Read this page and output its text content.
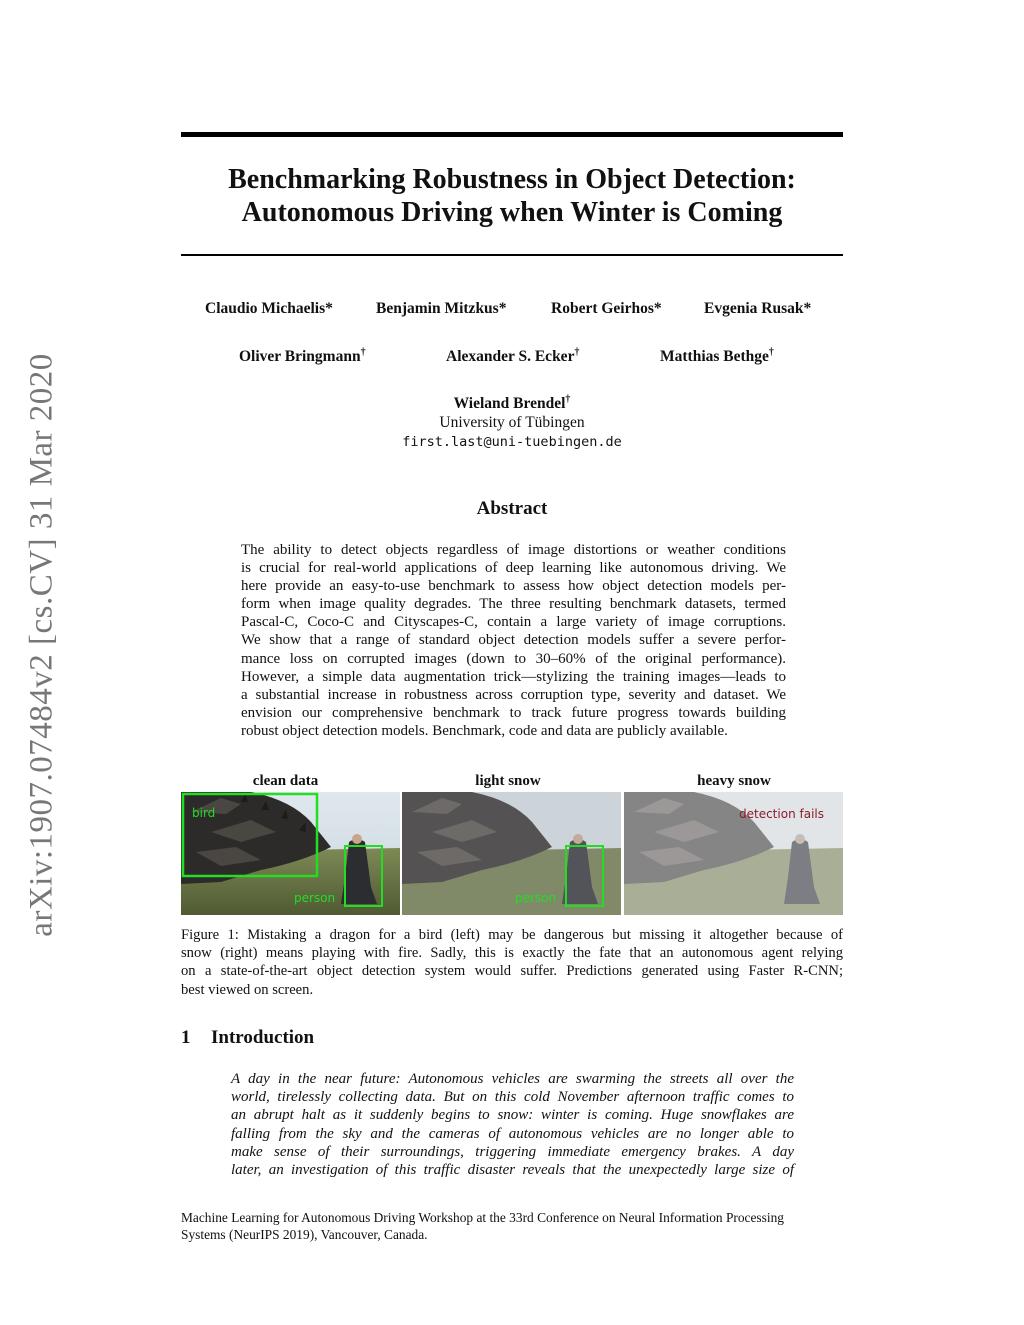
arXiv:1907.07484v2 [cs.CV] 31 Mar 2020
Benchmarking Robustness in Object Detection:
Autonomous Driving when Winter is Coming
Claudio Michaelis*	Benjamin Mitzkus*	Robert Geirhos*	Evgenia Rusak*
Oliver Bringmann†	Alexander S. Ecker†	Matthias Bethge†
Wieland Brendel†
University of Tübingen
first.last@uni-tuebingen.de
Abstract
The ability to detect objects regardless of image distortions or weather conditions
is crucial for real-world applications of deep learning like autonomous driving. We
here provide an easy-to-use benchmark to assess how object detection models per-
form when image quality degrades. The three resulting benchmark datasets, termed
Pascal-C, Coco-C and Cityscapes-C, contain a large variety of image corruptions.
We show that a range of standard object detection models suffer a severe perfor-
mance loss on corrupted images (down to 30–60% of the original performance).
However, a simple data augmentation trick—stylizing the training images—leads to
a substantial increase in robustness across corruption type, severity and dataset. We
envision our comprehensive benchmark to track future progress towards building
robust object detection models. Benchmark, code and data are publicly available.
clean data	light snow	heavy snow
bird
person	person
detection fails
Figure 1: Mistaking a dragon for a bird (left) may be dangerous but missing it altogether because of
snow (right) means playing with fire. Sadly, this is exactly the fate that an autonomous agent relying
on a state-of-the-art object detection system would suffer. Predictions generated using Faster R-CNN;
best viewed on screen.
1 Introduction
A day in the near future: Autonomous vehicles are swarming the streets all over the
world, tirelessly collecting data. But on this cold November afternoon traffic comes to
an abrupt halt as it suddenly begins to snow: winter is coming. Huge snowflakes are
falling from the sky and the cameras of autonomous vehicles are no longer able to
make sense of their surroundings, triggering immediate emergency brakes. A day
later, an investigation of this traffic disaster reveals that the unexpectedly large size of
Machine Learning for Autonomous Driving Workshop at the 33rd Conference on Neural Information Processing
Systems (NeurIPS 2019), Vancouver, Canada.
